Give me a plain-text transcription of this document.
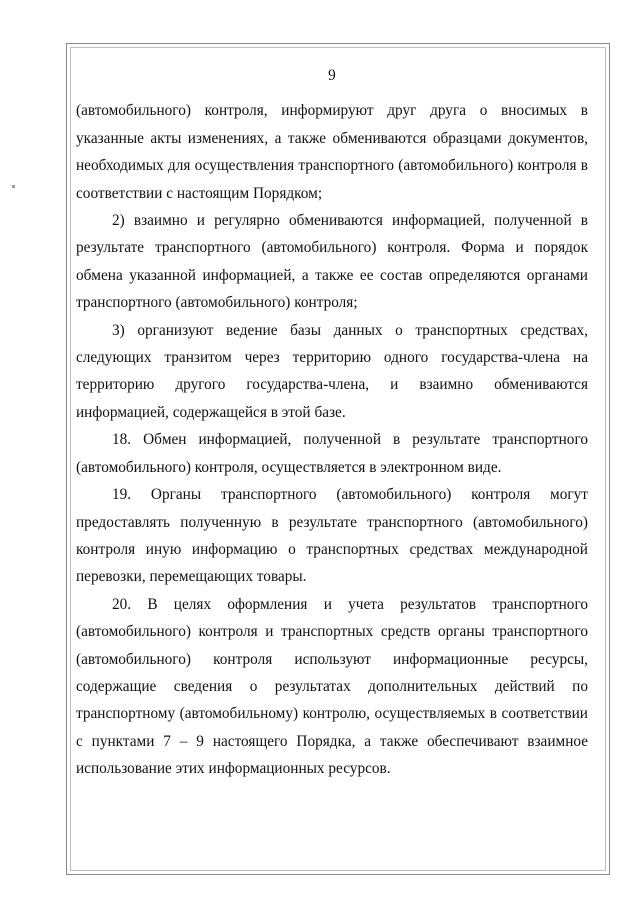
9

(автомобильного) контроля, информируют друг друга о вносимых в указанные акты изменениях, а также обмениваются образцами документов, необходимых для осуществления транспортного (автомобильного) контроля в соответствии с настоящим Порядком;

2) взаимно и регулярно обмениваются информацией, полученной в результате транспортного (автомобильного) контроля. Форма и порядок обмена указанной информацией, а также ее состав определяются органами транспортного (автомобильного) контроля;

3) организуют ведение базы данных о транспортных средствах, следующих транзитом через территорию одного государства-члена на территорию другого государства-члена, и взаимно обмениваются информацией, содержащейся в этой базе.

18. Обмен информацией, полученной в результате транспортного (автомобильного) контроля, осуществляется в электронном виде.

19. Органы транспортного (автомобильного) контроля могут предоставлять полученную в результате транспортного (автомобильного) контроля иную информацию о транспортных средствах международной перевозки, перемещающих товары.

20. В целях оформления и учета результатов транспортного (автомобильного) контроля и транспортных средств органы транспортного (автомобильного) контроля используют информационные ресурсы, содержащие сведения о результатах дополнительных действий по транспортному (автомобильному) контролю, осуществляемых в соответствии с пунктами 7 – 9 настоящего Порядка, а также обеспечивают взаимное использование этих информационных ресурсов.
